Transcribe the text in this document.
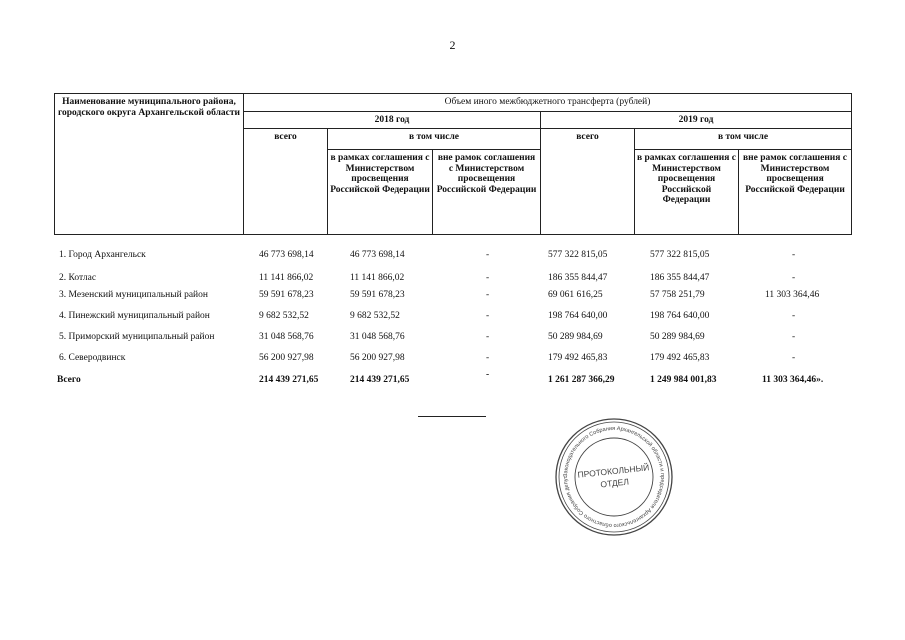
2
Наименование муниципального района, городского округа Архангельской области	Объем иного межбюджетного трансферта (рублей)					
	2018 год			2019 год		
	всего	в том числе		всего	в том числе	
		в рамках соглашения с Министерством просвещения Российской Федерации	вне рамок соглашения с Министерством просвещения Российской Федерации		в рамках соглашения с Министерством просвещения Российской Федерации	вне рамок соглашения с Министерством просвещения Российской Федерации
1. Город Архангельск	46 773 698,14	46 773 698,14	-	577 322 815,05	577 322 815,05	-
2. Котлас	11 141 866,02	11 141 866,02	-	186 355 844,47	186 355 844,47	-
3. Мезенский муниципальный район	59 591 678,23	59 591 678,23	-	69 061 616,25	57 758 251,79	11 303 364,46
4. Пинежский муниципальный район	9 682 532,52	9 682 532,52	-	198 764 640,00	198 764 640,00	-
5. Приморский муниципальный район	31 048 568,76	31 048 568,76	-	50 289 984,69	50 289 984,69	-
6. Северодвинск	56 200 927,98	56 200 927,98	-	179 492 465,83	179 492 465,83	-
Всего	214 439 271,65	214 439 271,65	-	1 261 287 366,29	1 249 984 001,83	11 303 364,46».
Законодательного Собрания Архангельской области и председателя Архангельского областного Собрания депут ПРОТОКОЛЬНЫЙ
ОТДЕЛ
